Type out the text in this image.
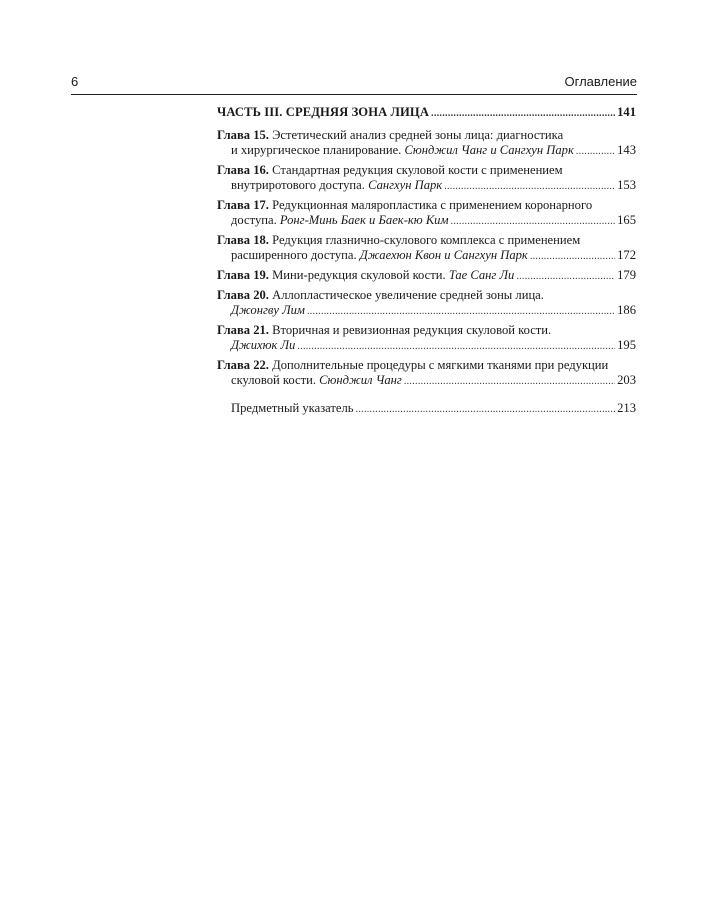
6	Оглавление
ЧАСТЬ III. СРЕДНЯЯ ЗОНА ЛИЦА .....	141
Глава 15. Эстетический анализ средней зоны лица: диагностика
и хирургическое планирование. Сюнджил Чанг и Сангхун Парк .....	143
Глава 16. Стандартная редукция скуловой кости с применением
внутриротового доступа. Сангхун Парк .....	153
Глава 17. Редукционная маляропластика с применением коронарного
доступа. Ронг-Минь Баек и Баек-кю Ким .....	165
Глава 18. Редукция глазнично-скулового комплекса с применением
расширенного доступа. Джаехюн Квон и Сангхун Парк .....	172
Глава 19. Мини-редукция скуловой кости. Тае Санг Ли .....	179
Глава 20. Аллопластическое увеличение средней зоны лица.
Джонгву Лим .....	186
Глава 21. Вторичная и ревизионная редукция скуловой кости.
Джихюк Ли .....	195
Глава 22. Дополнительные процедуры с мягкими тканями при редукции
скуловой кости. Сюнджил Чанг .....	203
Предметный указатель .....	213
